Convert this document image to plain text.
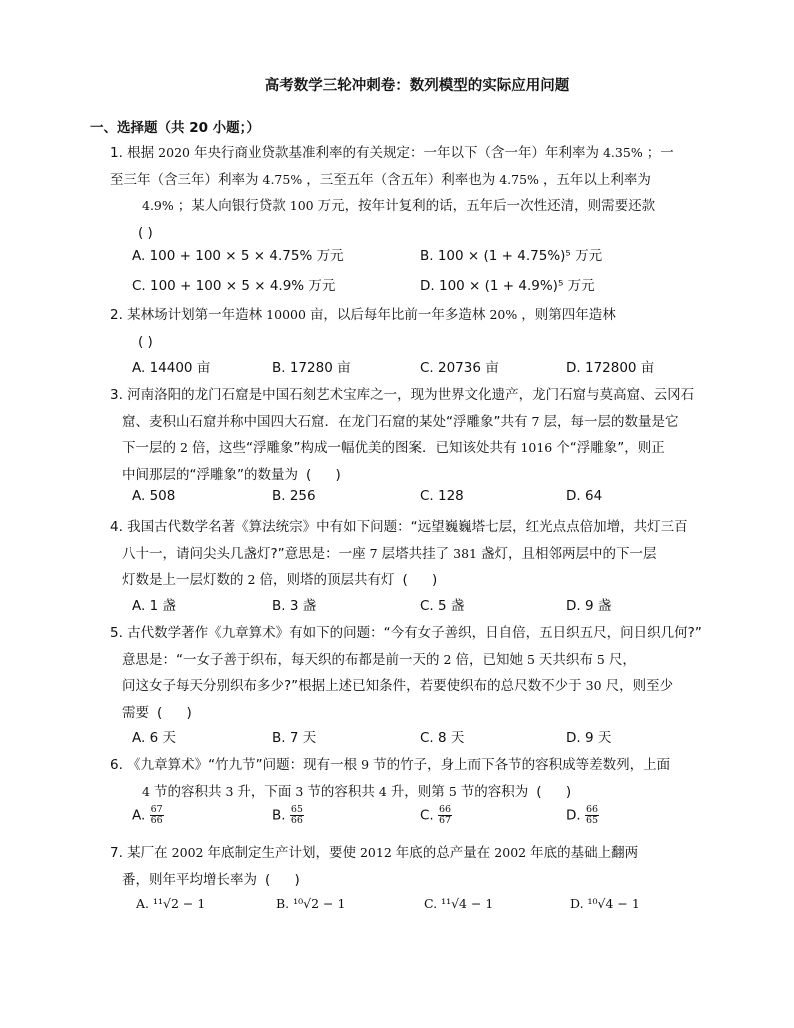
高考数学三轮冲刺卷：数列模型的实际应用问题
一、选择题（共 20 小题；）
1. 根据 2020 年央行商业贷款基准利率的有关规定：一年以下（含一年）年利率为 4.35% ；一
至三年（含三年）利率为 4.75% ，三至五年（含五年）利率也为 4.75% ，五年以上利率为
4.9% ；某人向银行贷款 100 万元，按年计复利的话，五年后一次性还清，则需要还款
( )
A. 100 + 100 × 5 × 4.75% 万元	B. 100 × (1 + 4.75%)⁵ 万元
C. 100 + 100 × 5 × 4.9% 万元	D. 100 × (1 + 4.9%)⁵ 万元
2. 某林场计划第一年造林 10000 亩，以后每年比前一年多造林 20% ，则第四年造林
( )
A. 14400 亩	B. 17280 亩	C. 20736 亩	D. 172800 亩
3. 河南洛阳的龙门石窟是中国石刻艺术宝库之一，现为世界文化遗产，龙门石窟与莫高窟、云冈石
窟、麦积山石窟并称中国四大石窟．在龙门石窟的某处“浮雕象”共有 7 层，每一层的数量是它
下一层的 2 倍，这些“浮雕象”构成一幅优美的图案．已知该处共有 1016 个“浮雕象”，则正
中间那层的“浮雕象”的数量为 ( )
A. 508	B. 256	C. 128	D. 64
4. 我国古代数学名著《算法统宗》中有如下问题：“远望巍巍塔七层，红光点点倍加增，共灯三百
八十一，请问尖头几盏灯?”意思是：一座 7 层塔共挂了 381 盏灯，且相邻两层中的下一层
灯数是上一层灯数的 2 倍，则塔的顶层共有灯 ( )
A. 1 盏	B. 3 盏	C. 5 盏	D. 9 盏
5. 古代数学著作《九章算术》有如下的问题：“今有女子善织，日自倍，五日织五尺，问日织几何?”
意思是：“一女子善于织布，每天织的布都是前一天的 2 倍，已知她 5 天共织布 5 尺，
问这女子每天分别织布多少?”根据上述已知条件，若要使织布的总尺数不少于 30 尺，则至少
需要 ( )
A. 6 天	B. 7 天	C. 8 天	D. 9 天
6. 《九章算术》“竹九节”问题：现有一根 9 节的竹子，身上而下各节的容积成等差数列，上面
4 节的容积共 3 升，下面 3 节的容积共 4 升，则第 5 节的容积为 ( )
A. $\frac{67}{66}$	B. $\frac{65}{66}$	C. $\frac{66}{67}$	D. $\frac{66}{65}$
7. 某厂在 2002 年底制定生产计划，要使 2012 年底的总产量在 2002 年底的基础上翻两
番，则年平均增长率为 ( )
A. ¹¹√2 − 1	B. ¹⁰√2 − 1	C. ¹¹√4 − 1	D. ¹⁰√4 − 1
